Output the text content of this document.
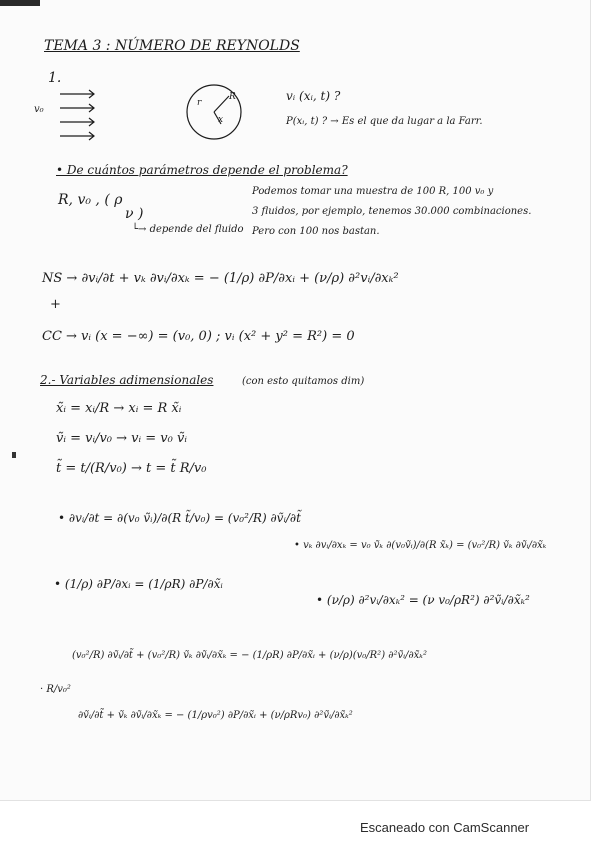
TEMA 3 : NÚMERO DE REYNOLDS
1.
v₀
r
R
x
vᵢ (xᵢ, t) ?
P(xᵢ, t) ? → Es el que da lugar a la Farr.
• De cuántos parámetros depende el problema?
R, v₀ , ( ρ
ν )
└→ depende del fluido
Podemos tomar una muestra de 100 R, 100 v₀ y
3 fluidos, por ejemplo, tenemos 30.000 combinaciones.
Pero con 100 nos bastan.
NS → ∂vᵢ/∂t + vₖ ∂vᵢ/∂xₖ = − (1/ρ) ∂P/∂xᵢ + (ν/ρ) ∂²vᵢ/∂xₖ²
+
CC → vᵢ (x = −∞) = (v₀, 0) ; vᵢ (x² + y² = R²) = 0
2.- Variables adimensionales	(con esto quitamos dim)
x̃ᵢ = xᵢ/R → xᵢ = R x̃ᵢ
ṽᵢ = vᵢ/v₀ → vᵢ = v₀ ṽᵢ
t̃ = t/(R/v₀) → t = t̃ R/v₀
• ∂vᵢ/∂t = ∂(v₀ ṽᵢ)/∂(R t̃/v₀) = (v₀²/R) ∂ṽᵢ/∂t̃
• vₖ ∂vᵢ/∂xₖ = v₀ ṽₖ ∂(v₀ṽᵢ)/∂(R x̃ₖ) = (v₀²/R) ṽₖ ∂ṽᵢ/∂x̃ₖ
• (1/ρ) ∂P/∂xᵢ = (1/ρR) ∂P/∂x̃ᵢ
• (ν/ρ) ∂²vᵢ/∂xₖ² = (ν v₀/ρR²) ∂²ṽᵢ/∂x̃ₖ²
(v₀²/R) ∂ṽᵢ/∂t̃ + (v₀²/R) ṽₖ ∂ṽᵢ/∂x̃ₖ = − (1/ρR) ∂P/∂x̃ᵢ + (ν/ρ)(v₀/R²) ∂²ṽᵢ/∂x̃ₖ²
· R/v₀²
∂ṽᵢ/∂t̃ + ṽₖ ∂ṽᵢ/∂x̃ₖ = − (1/ρv₀²) ∂P/∂x̃ᵢ + (ν/ρRv₀) ∂²ṽᵢ/∂x̃ₖ²
Escaneado con CamScanner
